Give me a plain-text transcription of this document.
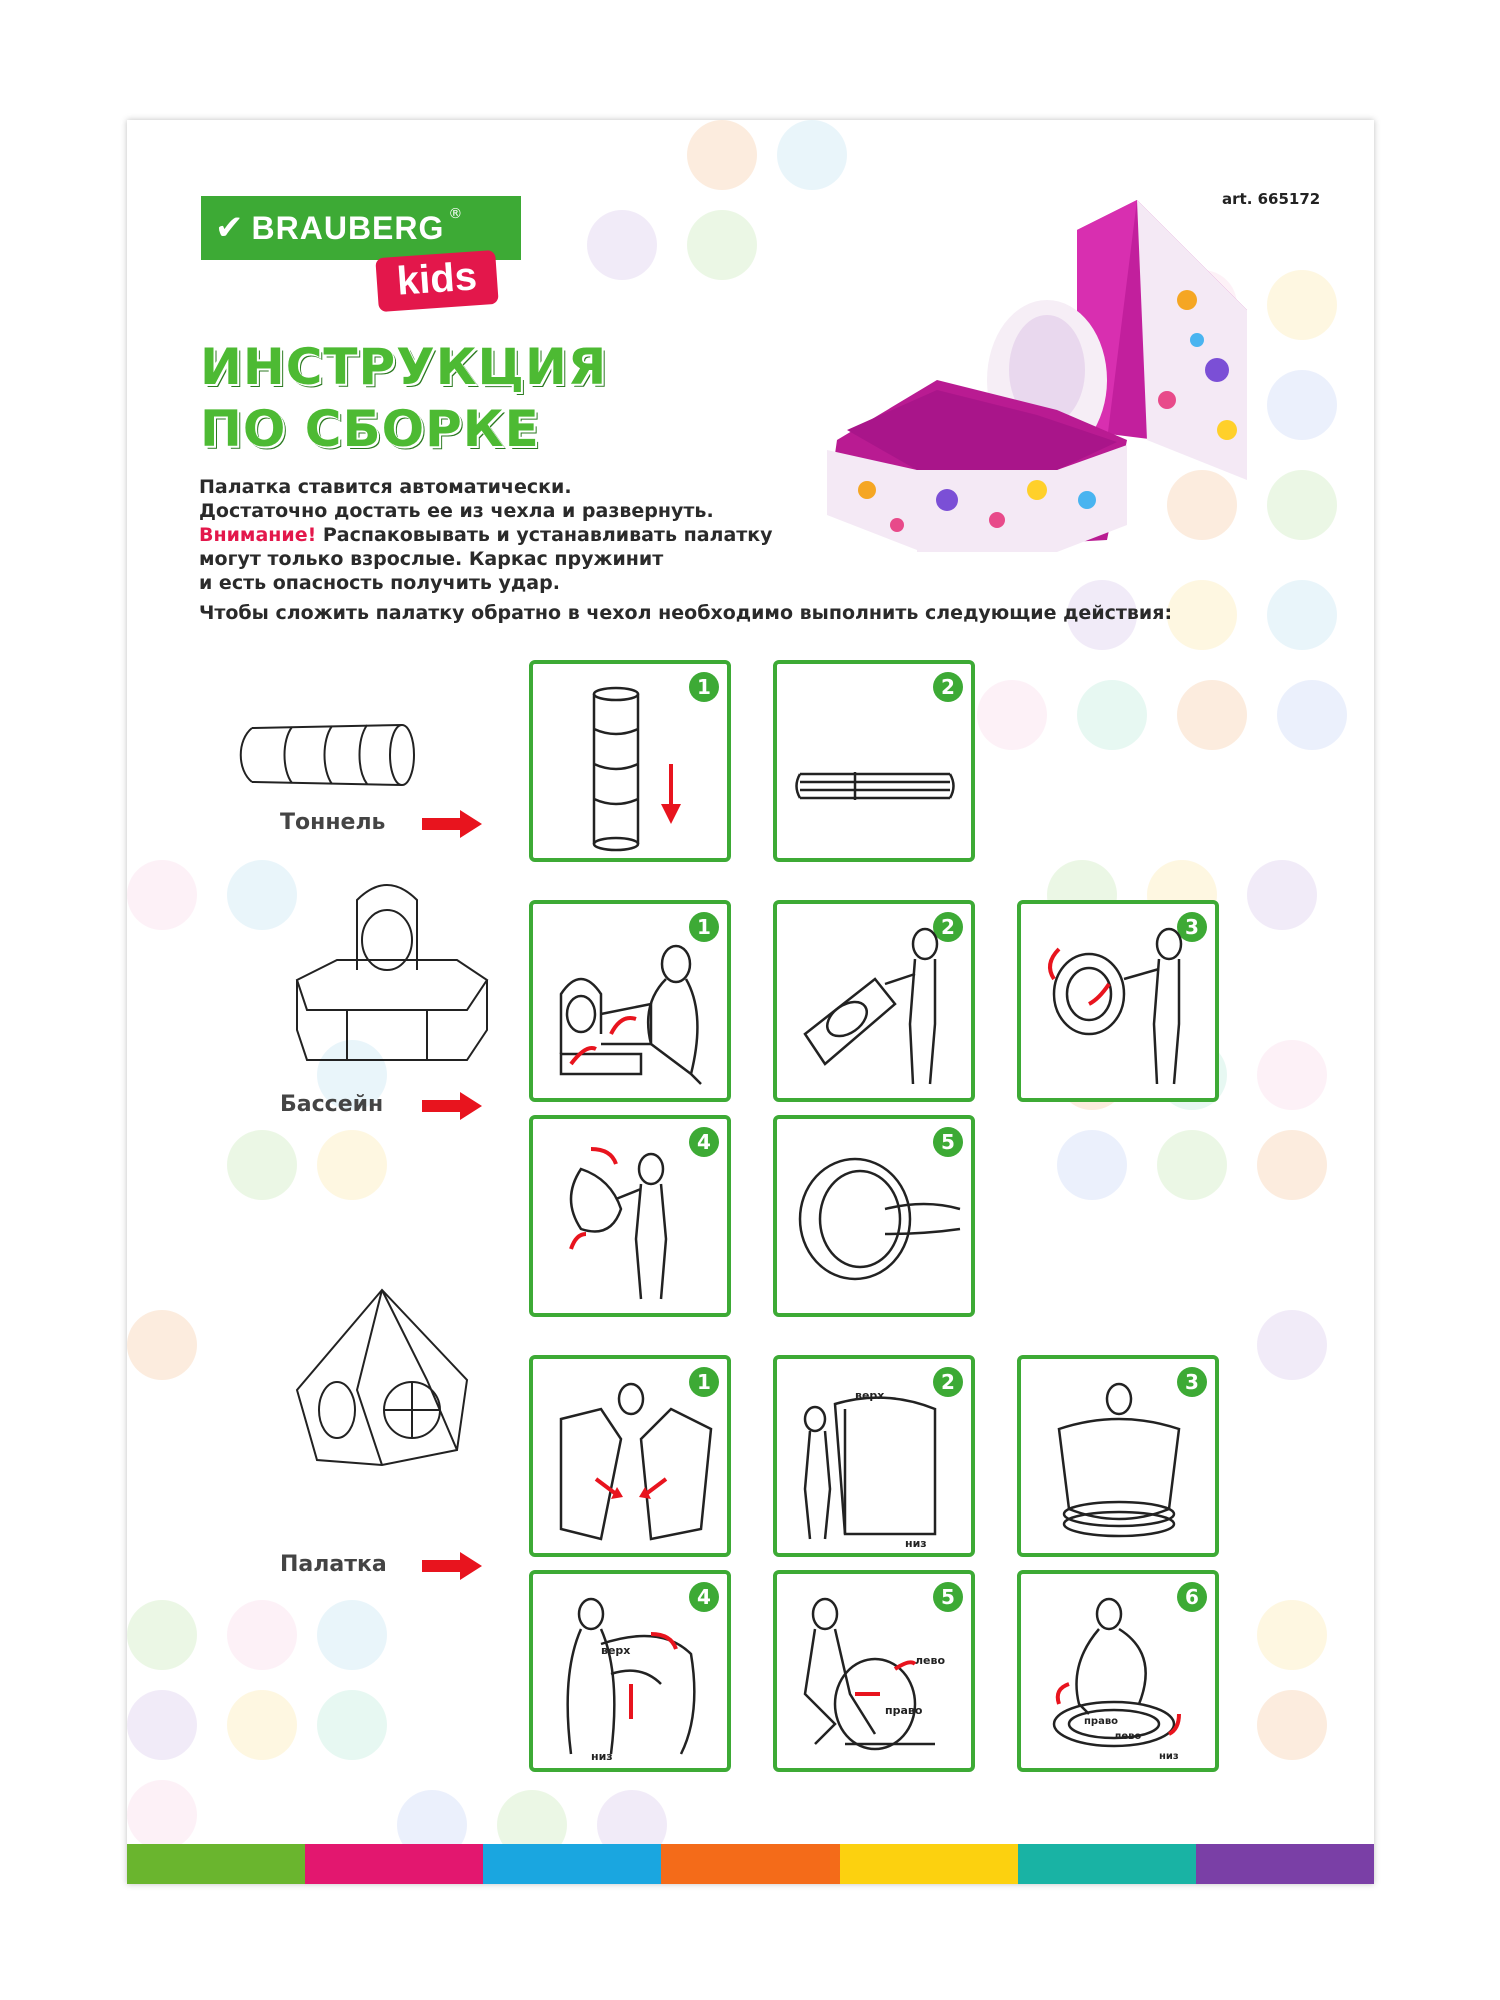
✔ BRAUBERG ®
kids
art. 665172
ИНСТРУКЦИЯ
ПО СБОРКЕ

Палатка ставится автоматически.

Достаточно достать ее из чехла и развернуть.

Внимание! Распаковывать и устанавливать палатку

могут только взрослые. Каркас пружинит

и есть опасность получить удар.

Чтобы сложить палатку обратно в чехол необходимо выполнить следующие действия:

Тоннель
1	2
Бассейн
1	2	3
4	5
Палатка
1	2
верх
низ
3
4
верх
низ
5
лево
право
6
право
лево
низ
